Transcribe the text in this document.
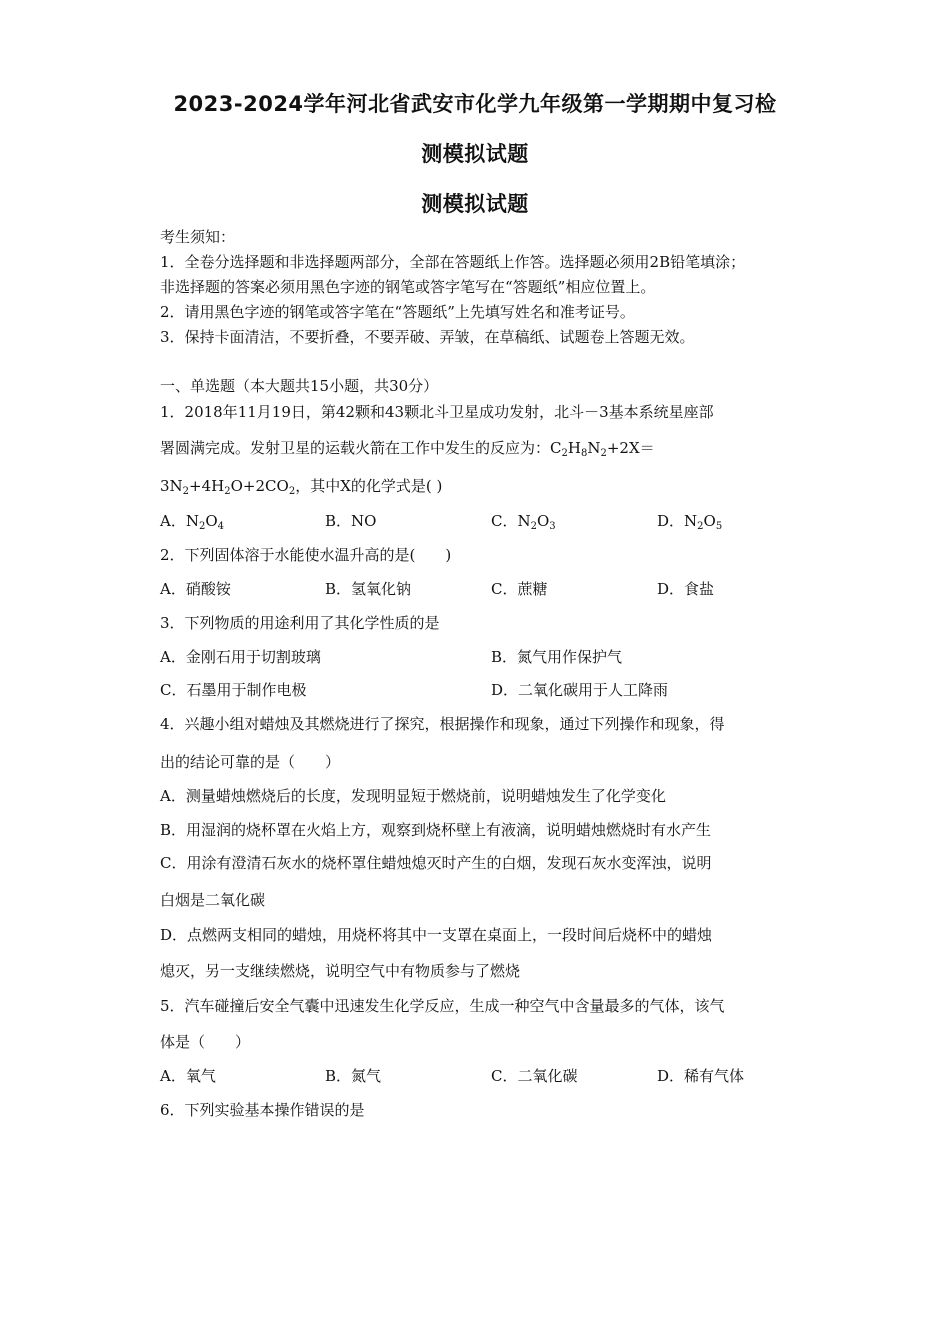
2023-2024学年河北省武安市化学九年级第一学期期中复习检
测模拟试题
测模拟试题
考生须知：
1．全卷分选择题和非选择题两部分，全部在答题纸上作答。选择题必须用2B铅笔填涂；
非选择题的答案必须用黑色字迹的钢笔或答字笔写在“答题纸”相应位置上。
2．请用黑色字迹的钢笔或答字笔在“答题纸”上先填写姓名和准考证号。
3．保持卡面清洁，不要折叠，不要弄破、弄皱，在草稿纸、试题卷上答题无效。
一、单选题（本大题共15小题，共30分）
1．2018年11月19日，第42颗和43颗北斗卫星成功发射，北斗－3基本系统星座部
署圆满完成。发射卫星的运载火箭在工作中发生的反应为：$C_2H_8N_2+2X=$
$3N_2+4H_2O+2CO_2$，其中X的化学式是( )
A．$N_2O_4$	B．NO	C．$N_2O_3$	D．$N_2O_5$
2．下列固体溶于水能使水温升高的是(　　)
A．硝酸铵	B．氢氧化钠	C．蔗糖	D．食盐
3．下列物质的用途利用了其化学性质的是
A．金刚石用于切割玻璃	B．氮气用作保护气
C．石墨用于制作电极	D．二氧化碳用于人工降雨
4．兴趣小组对蜡烛及其燃烧进行了探究，根据操作和现象，通过下列操作和现象，得
出的结论可靠的是（　　）
A．测量蜡烛燃烧后的长度，发现明显短于燃烧前，说明蜡烛发生了化学变化
B．用湿润的烧杯罩在火焰上方，观察到烧杯壁上有液滴，说明蜡烛燃烧时有水产生
C．用涂有澄清石灰水的烧杯罩住蜡烛熄灭时产生的白烟，发现石灰水变浑浊，说明
白烟是二氧化碳
D．点燃两支相同的蜡烛，用烧杯将其中一支罩在桌面上，一段时间后烧杯中的蜡烛
熄灭，另一支继续燃烧，说明空气中有物质参与了燃烧
5．汽车碰撞后安全气囊中迅速发生化学反应，生成一种空气中含量最多的气体，该气
体是（　　）
A．氧气	B．氮气	C．二氧化碳	D．稀有气体
6．下列实验基本操作错误的是
